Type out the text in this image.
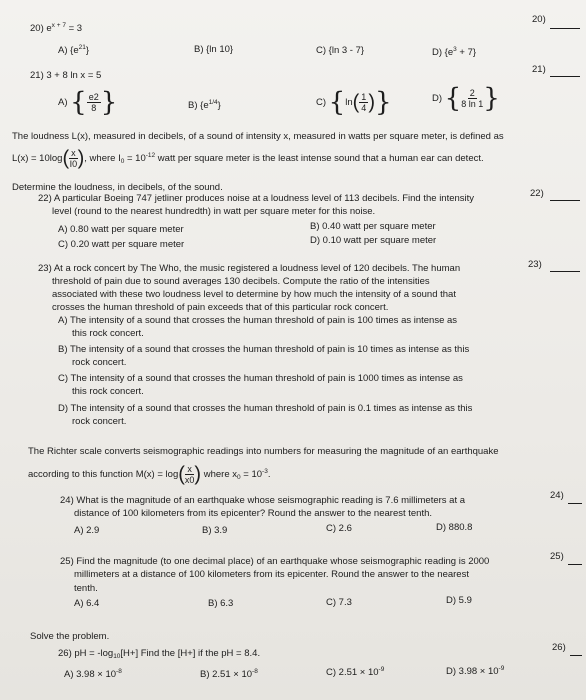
20) $e^{x + 7} = 3$
20)
A) $\{e^{21}\}$	B) {ln 10}	C) {ln 3 - 7}	D) $\{e^3 + 7\}$
21) 3 + 8 ln x = 5
21)
A) { $\frac{e2}{8}$ }	B) $\{e^{1/4}\}$	C) {$\ln( \frac{1}{4}$ )}	D) { $\frac{2}{8 \ln 1}$ }
The loudness L(x), measured in decibels, of a sound of intensity x, measured in watts per square meter, is defined as
$L(x) = 10\log( \frac{x}{I0}$ ), where $I_0 = 10^{-12}$ watt per square meter is the least intense sound that a human ear can detect.
Determine the loudness, in decibels, of the sound.
22) A particular Boeing 747 jetliner produces noise at a loudness level of 113 decibels. Find the intensity	22)
level (round to the nearest hundredth) in watt per square meter for this noise.
A) 0.80 watt per square meter	B) 0.40 watt per square meter
C) 0.20 watt per square meter	D) 0.10 watt per square meter
23) At a rock concert by The Who, the music registered a loudness level of 120 decibels. The human	23)
threshold of pain due to sound averages 130 decibels. Compute the ratio of the intensities
associated with these two loudness level to determine by how much the intensity of a sound that
crosses the human threshold of pain exceeds that of this particular rock concert.
A) The intensity of a sound that crosses the human threshold of pain is 100 times as intense as
this rock concert.
B) The intensity of a sound that crosses the human threshold of pain is 10 times as intense as this
rock concert.
C) The intensity of a sound that crosses the human threshold of pain is 1000 times as intense as
this rock concert.
D) The intensity of a sound that crosses the human threshold of pain is 0.1 times as intense as this
rock concert.
The Richter scale converts seismographic readings into numbers for measuring the magnitude of an earthquake
according to this function $M(x) = \log( \frac{x}{x0}$ ) where $x_0 = 10^{-3}$.
24) What is the magnitude of an earthquake whose seismographic reading is 7.6 millimeters at a	24)
distance of 100 kilometers from its epicenter? Round the answer to the nearest tenth.
A) 2.9	B) 3.9	C) 2.6	D) 880.8
25) Find the magnitude (to one decimal place) of an earthquake whose seismographic reading is 2000	25)
millimeters at a distance of 100 kilometers from its epicenter. Round the answer to the nearest
tenth.
A) 6.4	B) 6.3	C) 7.3	D) 5.9
Solve the problem.
26) pH = $-\log_{10}[H+]$ Find the [H+] if the pH = 8.4.
26)
A) $3.98 \times 10^{-8}$	B) $2.51 \times 10^{-8}$	C) $2.51 \times 10^{-9}$	D) $3.98 \times 10^{-9}$
